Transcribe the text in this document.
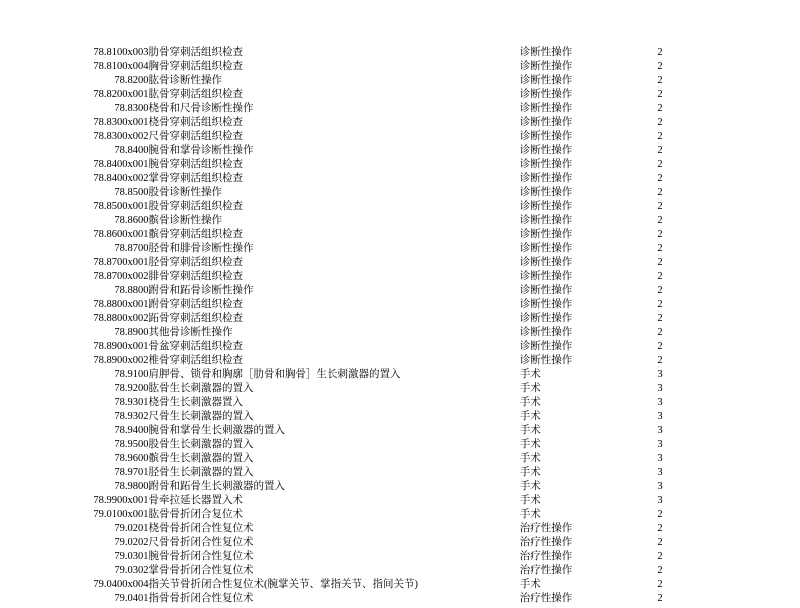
78.8100x003	肋骨穿刺活组织检查	诊断性操作	2
78.8100x004	胸骨穿刺活组织检查	诊断性操作	2
78.8200	肱骨诊断性操作	诊断性操作	2
78.8200x001	肱骨穿刺活组织检查	诊断性操作	2
78.8300	桡骨和尺骨诊断性操作	诊断性操作	2
78.8300x001	桡骨穿刺活组织检查	诊断性操作	2
78.8300x002	尺骨穿刺活组织检查	诊断性操作	2
78.8400	腕骨和掌骨诊断性操作	诊断性操作	2
78.8400x001	腕骨穿刺活组织检查	诊断性操作	2
78.8400x002	掌骨穿刺活组织检查	诊断性操作	2
78.8500	股骨诊断性操作	诊断性操作	2
78.8500x001	股骨穿刺活组织检查	诊断性操作	2
78.8600	髌骨诊断性操作	诊断性操作	2
78.8600x001	髌骨穿刺活组织检查	诊断性操作	2
78.8700	胫骨和腓骨诊断性操作	诊断性操作	2
78.8700x001	胫骨穿刺活组织检查	诊断性操作	2
78.8700x002	腓骨穿刺活组织检查	诊断性操作	2
78.8800	跗骨和跖骨诊断性操作	诊断性操作	2
78.8800x001	跗骨穿刺活组织检查	诊断性操作	2
78.8800x002	跖骨穿刺活组织检查	诊断性操作	2
78.8900	其他骨诊断性操作	诊断性操作	2
78.8900x001	骨盆穿刺活组织检查	诊断性操作	2
78.8900x002	椎骨穿刺活组织检查	诊断性操作	2
78.9100	肩胛骨、锁骨和胸廓［肋骨和胸骨］生长刺激器的置入	手术	3
78.9200	肱骨生长刺激器的置入	手术	3
78.9301	桡骨生长刺激器置入	手术	3
78.9302	尺骨生长刺激器的置入	手术	3
78.9400	腕骨和掌骨生长刺激器的置入	手术	3
78.9500	股骨生长刺激器的置入	手术	3
78.9600	髌骨生长刺激器的置入	手术	3
78.9701	胫骨生长刺激器的置入	手术	3
78.9800	跗骨和跖骨生长刺激器的置入	手术	3
78.9900x001	骨牵拉延长器置入术	手术	3
79.0100x001	肱骨骨折闭合复位术	手术	2
79.0201	桡骨骨折闭合性复位术	治疗性操作	2
79.0202	尺骨骨折闭合性复位术	治疗性操作	2
79.0301	腕骨骨折闭合性复位术	治疗性操作	2
79.0302	掌骨骨折闭合性复位术	治疗性操作	2
79.0400x004	指关节骨折闭合性复位术(腕掌关节、掌指关节、指间关节)	手术	2
79.0401	指骨骨折闭合性复位术	治疗性操作	2
